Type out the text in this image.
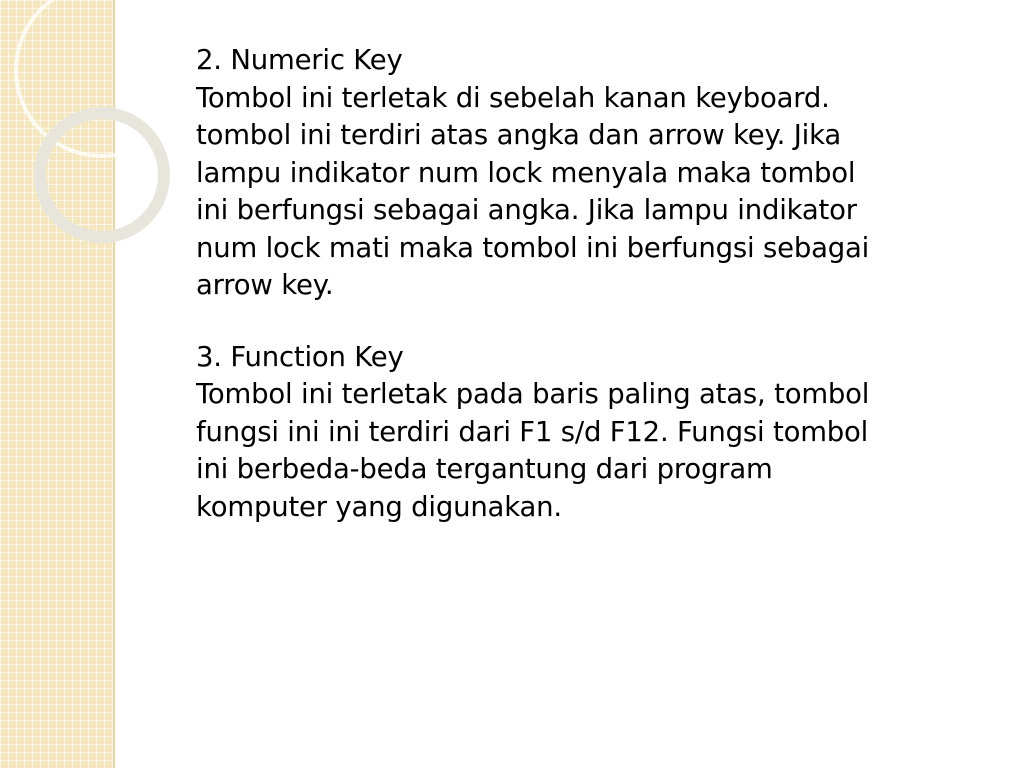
2. Numeric Key

Tombol ini terletak di sebelah kanan keyboard.

tombol ini terdiri atas angka dan arrow key. Jika

lampu indikator num lock menyala maka tombol

ini berfungsi sebagai angka. Jika lampu indikator

num lock mati maka tombol ini berfungsi sebagai

arrow key.

3. Function Key

Tombol ini terletak pada baris paling atas, tombol

fungsi ini ini terdiri dari F1 s/d F12. Fungsi tombol

ini berbeda-beda tergantung dari program

komputer yang digunakan.
